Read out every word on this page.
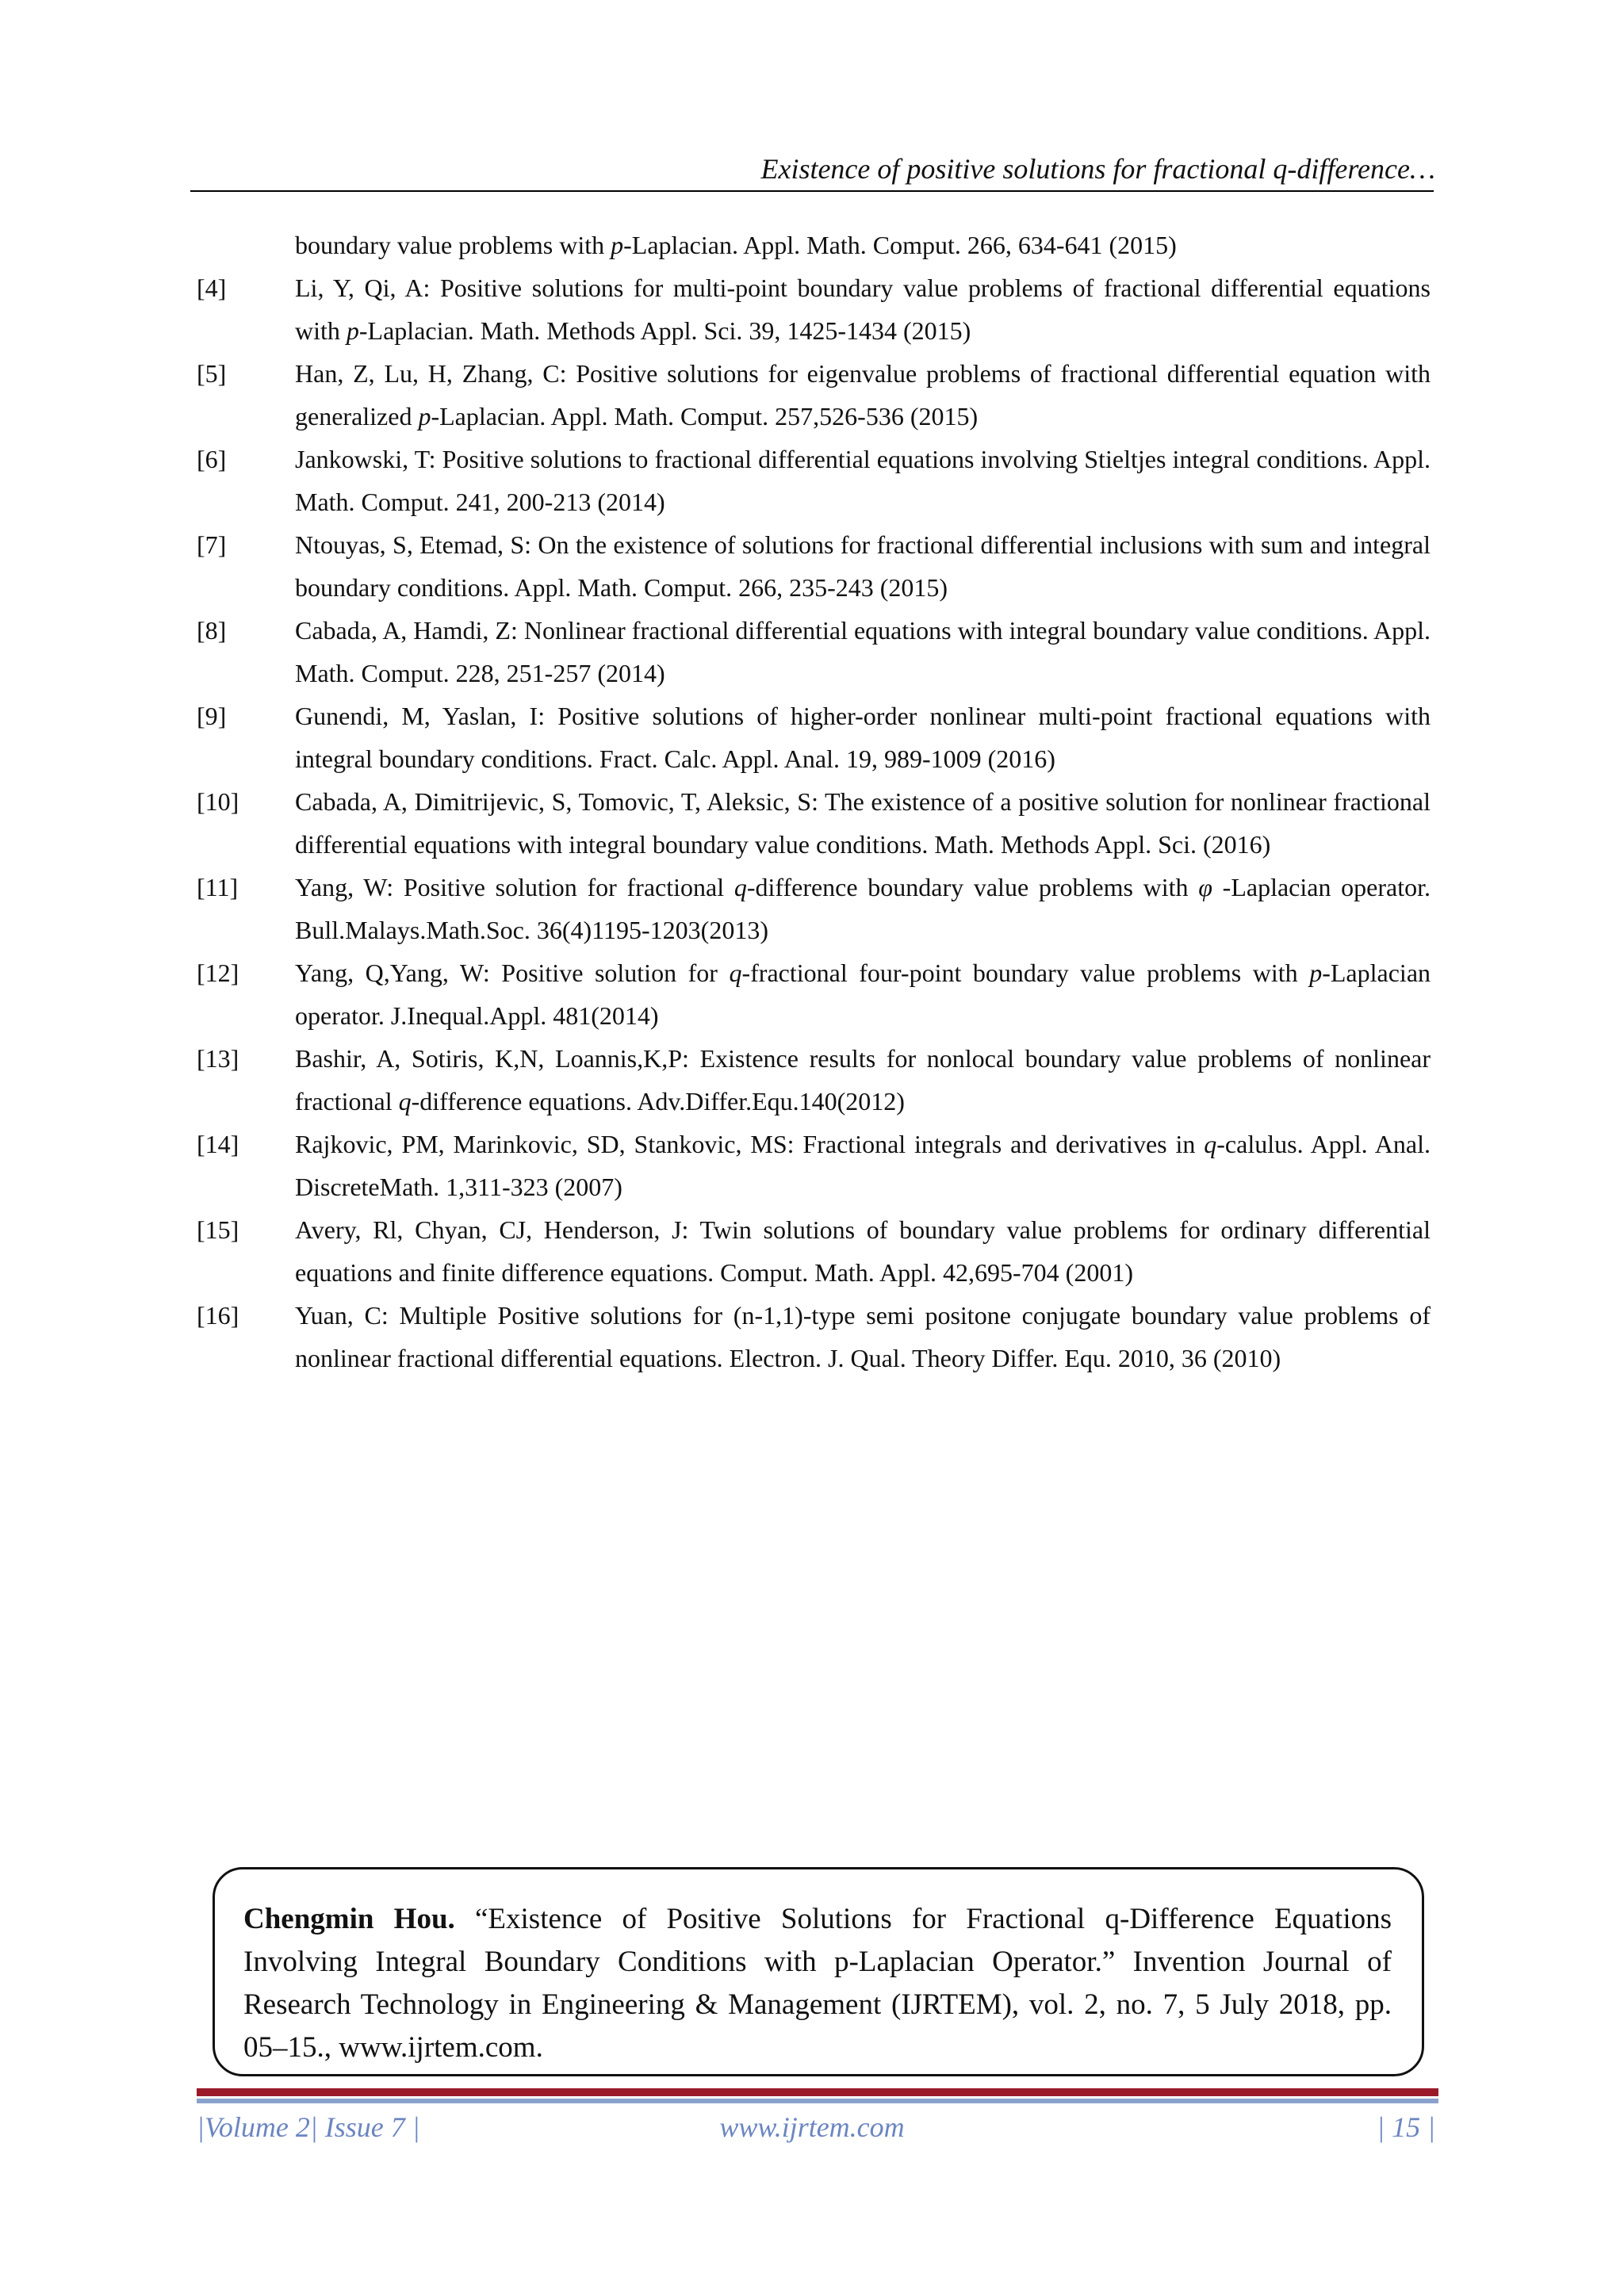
Existence of positive solutions for fractional q-difference…
boundary value problems with p-Laplacian. Appl. Math. Comput. 266, 634-641 (2015)
[4]	Li, Y, Qi, A: Positive solutions for multi-point boundary value problems of fractional differential equations with p-Laplacian. Math. Methods Appl. Sci. 39, 1425-1434 (2015)
[5]	Han, Z, Lu, H, Zhang, C: Positive solutions for eigenvalue problems of fractional differential equation with generalized p-Laplacian. Appl. Math. Comput. 257,526-536 (2015)
[6]	Jankowski, T: Positive solutions to fractional differential equations involving Stieltjes integral conditions. Appl. Math. Comput. 241, 200-213 (2014)
[7]	Ntouyas, S, Etemad, S: On the existence of solutions for fractional differential inclusions with sum and integral boundary conditions. Appl. Math. Comput. 266, 235-243 (2015)
[8]	Cabada, A, Hamdi, Z: Nonlinear fractional differential equations with integral boundary value conditions. Appl. Math. Comput. 228, 251-257 (2014)
[9]	Gunendi, M, Yaslan, I: Positive solutions of higher-order nonlinear multi-point fractional equations with integral boundary conditions. Fract. Calc. Appl. Anal. 19, 989-1009 (2016)
[10] Cabada, A, Dimitrijevic, S, Tomovic, T, Aleksic, S: The existence of a positive solution for nonlinear fractional differential equations with integral boundary value conditions. Math. Methods Appl. Sci. (2016)
[11] Yang, W: Positive solution for fractional q-difference boundary value problems with φ -Laplacian operator. Bull.Malays.Math.Soc. 36(4)1195-1203(2013)
[12] Yang, Q,Yang, W: Positive solution for q-fractional four-point boundary value problems with p-Laplacian operator. J.Inequal.Appl. 481(2014)
[13] Bashir, A, Sotiris, K,N, Loannis,K,P: Existence results for nonlocal boundary value problems of nonlinear fractional q-difference equations. Adv.Differ.Equ.140(2012)
[14] Rajkovic, PM, Marinkovic, SD, Stankovic, MS: Fractional integrals and derivatives in q-calulus. Appl. Anal. DiscreteMath. 1,311-323 (2007)
[15] Avery, Rl, Chyan, CJ, Henderson, J: Twin solutions of boundary value problems for ordinary differential equations and finite difference equations. Comput. Math. Appl. 42,695-704 (2001)
[16] Yuan, C: Multiple Positive solutions for (n-1,1)-type semi positone conjugate boundary value problems of nonlinear fractional differential equations. Electron. J. Qual. Theory Differ. Equ. 2010, 36 (2010)
Chengmin Hou. “Existence of Positive Solutions for Fractional q-Difference Equations Involving Integral Boundary Conditions with p-Laplacian Operator.” Invention Journal of Research Technology in Engineering & Management (IJRTEM), vol. 2, no. 7, 5 July 2018, pp. 05–15., www.ijrtem.com.
|Volume 2| Issue 7 |	www.ijrtem.com	| 15 |
